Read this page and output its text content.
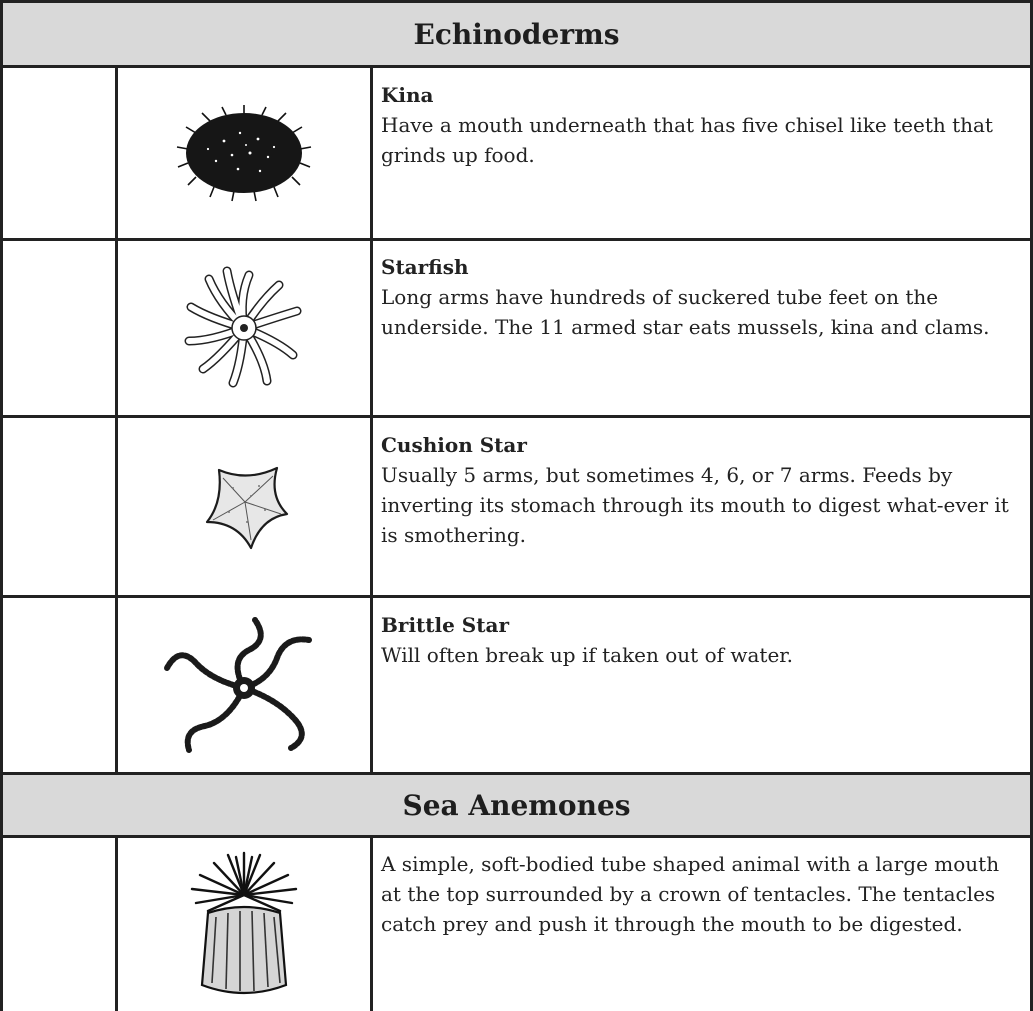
Echinoderms
Kina
Have a mouth underneath that has five chisel like teeth that grinds up food.
Starfish
Long arms have hundreds of suckered tube feet on the underside. The 11 armed star eats mussels, kina and clams.
Cushion Star
Usually 5 arms, but sometimes 4, 6, or 7 arms. Feeds by inverting its stomach through its mouth to digest what-ever it is smothering.
Brittle Star
Will often break up if taken out of water.
Sea Anemones
A simple, soft-bodied tube shaped animal with a large mouth at the top surrounded by a crown of tentacles. The tentacles catch prey and push it through the mouth to be digested.
